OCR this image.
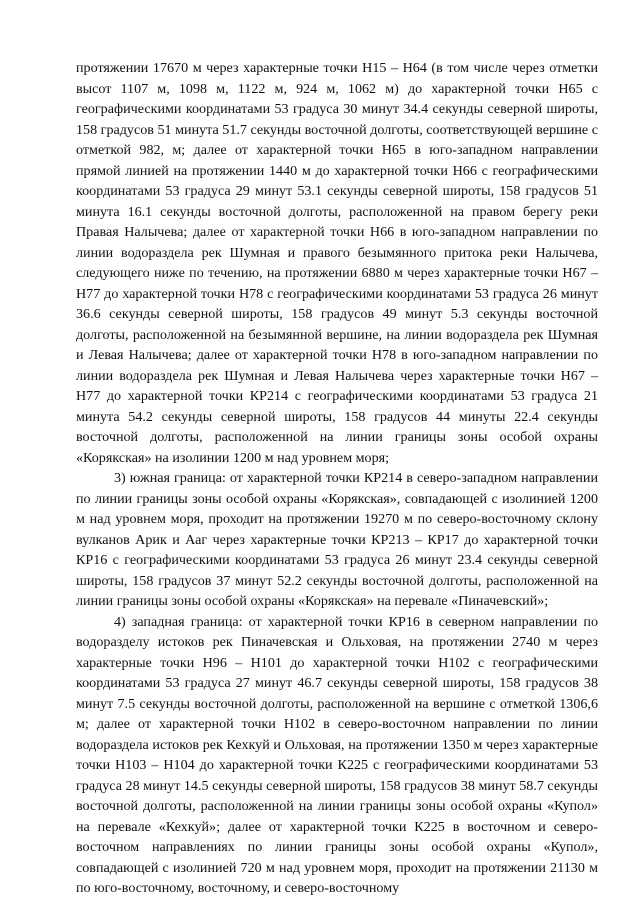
протяжении 17670 м через характерные точки Н15 – Н64 (в том числе через отметки высот 1107 м, 1098 м, 1122 м, 924 м, 1062 м) до характерной точки Н65 с географическими координатами 53 градуса 30 минут 34.4 секунды северной широты, 158 градусов 51 минута 51.7 секунды восточной долготы, соответствующей вершине с отметкой 982, м; далее от характерной точки Н65 в юго-западном направлении прямой линией на протяжении 1440 м до характерной точки Н66 с географическими координатами 53 градуса 29 минут 53.1 секунды северной широты, 158 градусов 51 минута 16.1 секунды восточной долготы, расположенной на правом берегу реки Правая Налычева; далее от характерной точки Н66 в юго-западном направлении по линии водораздела рек Шумная и правого безымянного притока реки Налычева, следующего ниже по течению, на протяжении 6880 м через характерные точки Н67 – Н77 до характерной точки Н78 с географическими координатами 53 градуса 26 минут 36.6 секунды северной широты, 158 градусов 49 минут 5.3 секунды восточной долготы, расположенной на безымянной вершине, на линии водораздела рек Шумная и Левая Налычева; далее от характерной точки Н78 в юго-западном направлении по линии водораздела рек Шумная и Левая Налычева через характерные точки Н67 – Н77 до характерной точки КР214 с географическими координатами 53 градуса 21 минута 54.2 секунды северной широты, 158 градусов 44 минуты 22.4 секунды восточной долготы, расположенной на линии границы зоны особой охраны «Корякская» на изолинии 1200 м над уровнем моря;

3) южная граница: от характерной точки КР214 в северо-западном направлении по линии границы зоны особой охраны «Корякская», совпадающей с изолинией 1200 м над уровнем моря, проходит на протяжении 19270 м по северо-восточному склону вулканов Арик и Ааг через характерные точки КР213 – КР17 до характерной точки КР16 с географическими координатами 53 градуса 26 минут 23.4 секунды северной широты, 158 градусов 37 минут 52.2 секунды восточной долготы, расположенной на линии границы зоны особой охраны «Корякская» на перевале «Пиначевский»;

4) западная граница: от характерной точки КР16 в северном направлении по водоразделу истоков рек Пиначевская и Ольховая, на протяжении 2740 м через характерные точки Н96 – Н101 до характерной точки Н102 с географическими координатами 53 градуса 27 минут 46.7 секунды северной широты, 158 градусов 38 минут 7.5 секунды восточной долготы, расположенной на вершине с отметкой 1306,6 м; далее от характерной точки Н102 в северо-восточном направлении по линии водораздела истоков рек Кехкуй и Ольховая, на протяжении 1350 м через характерные точки Н103 – Н104 до характерной точки К225 с географическими координатами 53 градуса 28 минут 14.5 секунды северной широты, 158 градусов 38 минут 58.7 секунды восточной долготы, расположенной на линии границы зоны особой охраны «Купол» на перевале «Кехкуй»; далее от характерной точки К225 в восточном и северо-восточном направлениях по линии границы зоны особой охраны «Купол», совпадающей с изолинией 720 м над уровнем моря, проходит на протяжении 21130 м по юго-восточному, восточному, и северо-восточному
